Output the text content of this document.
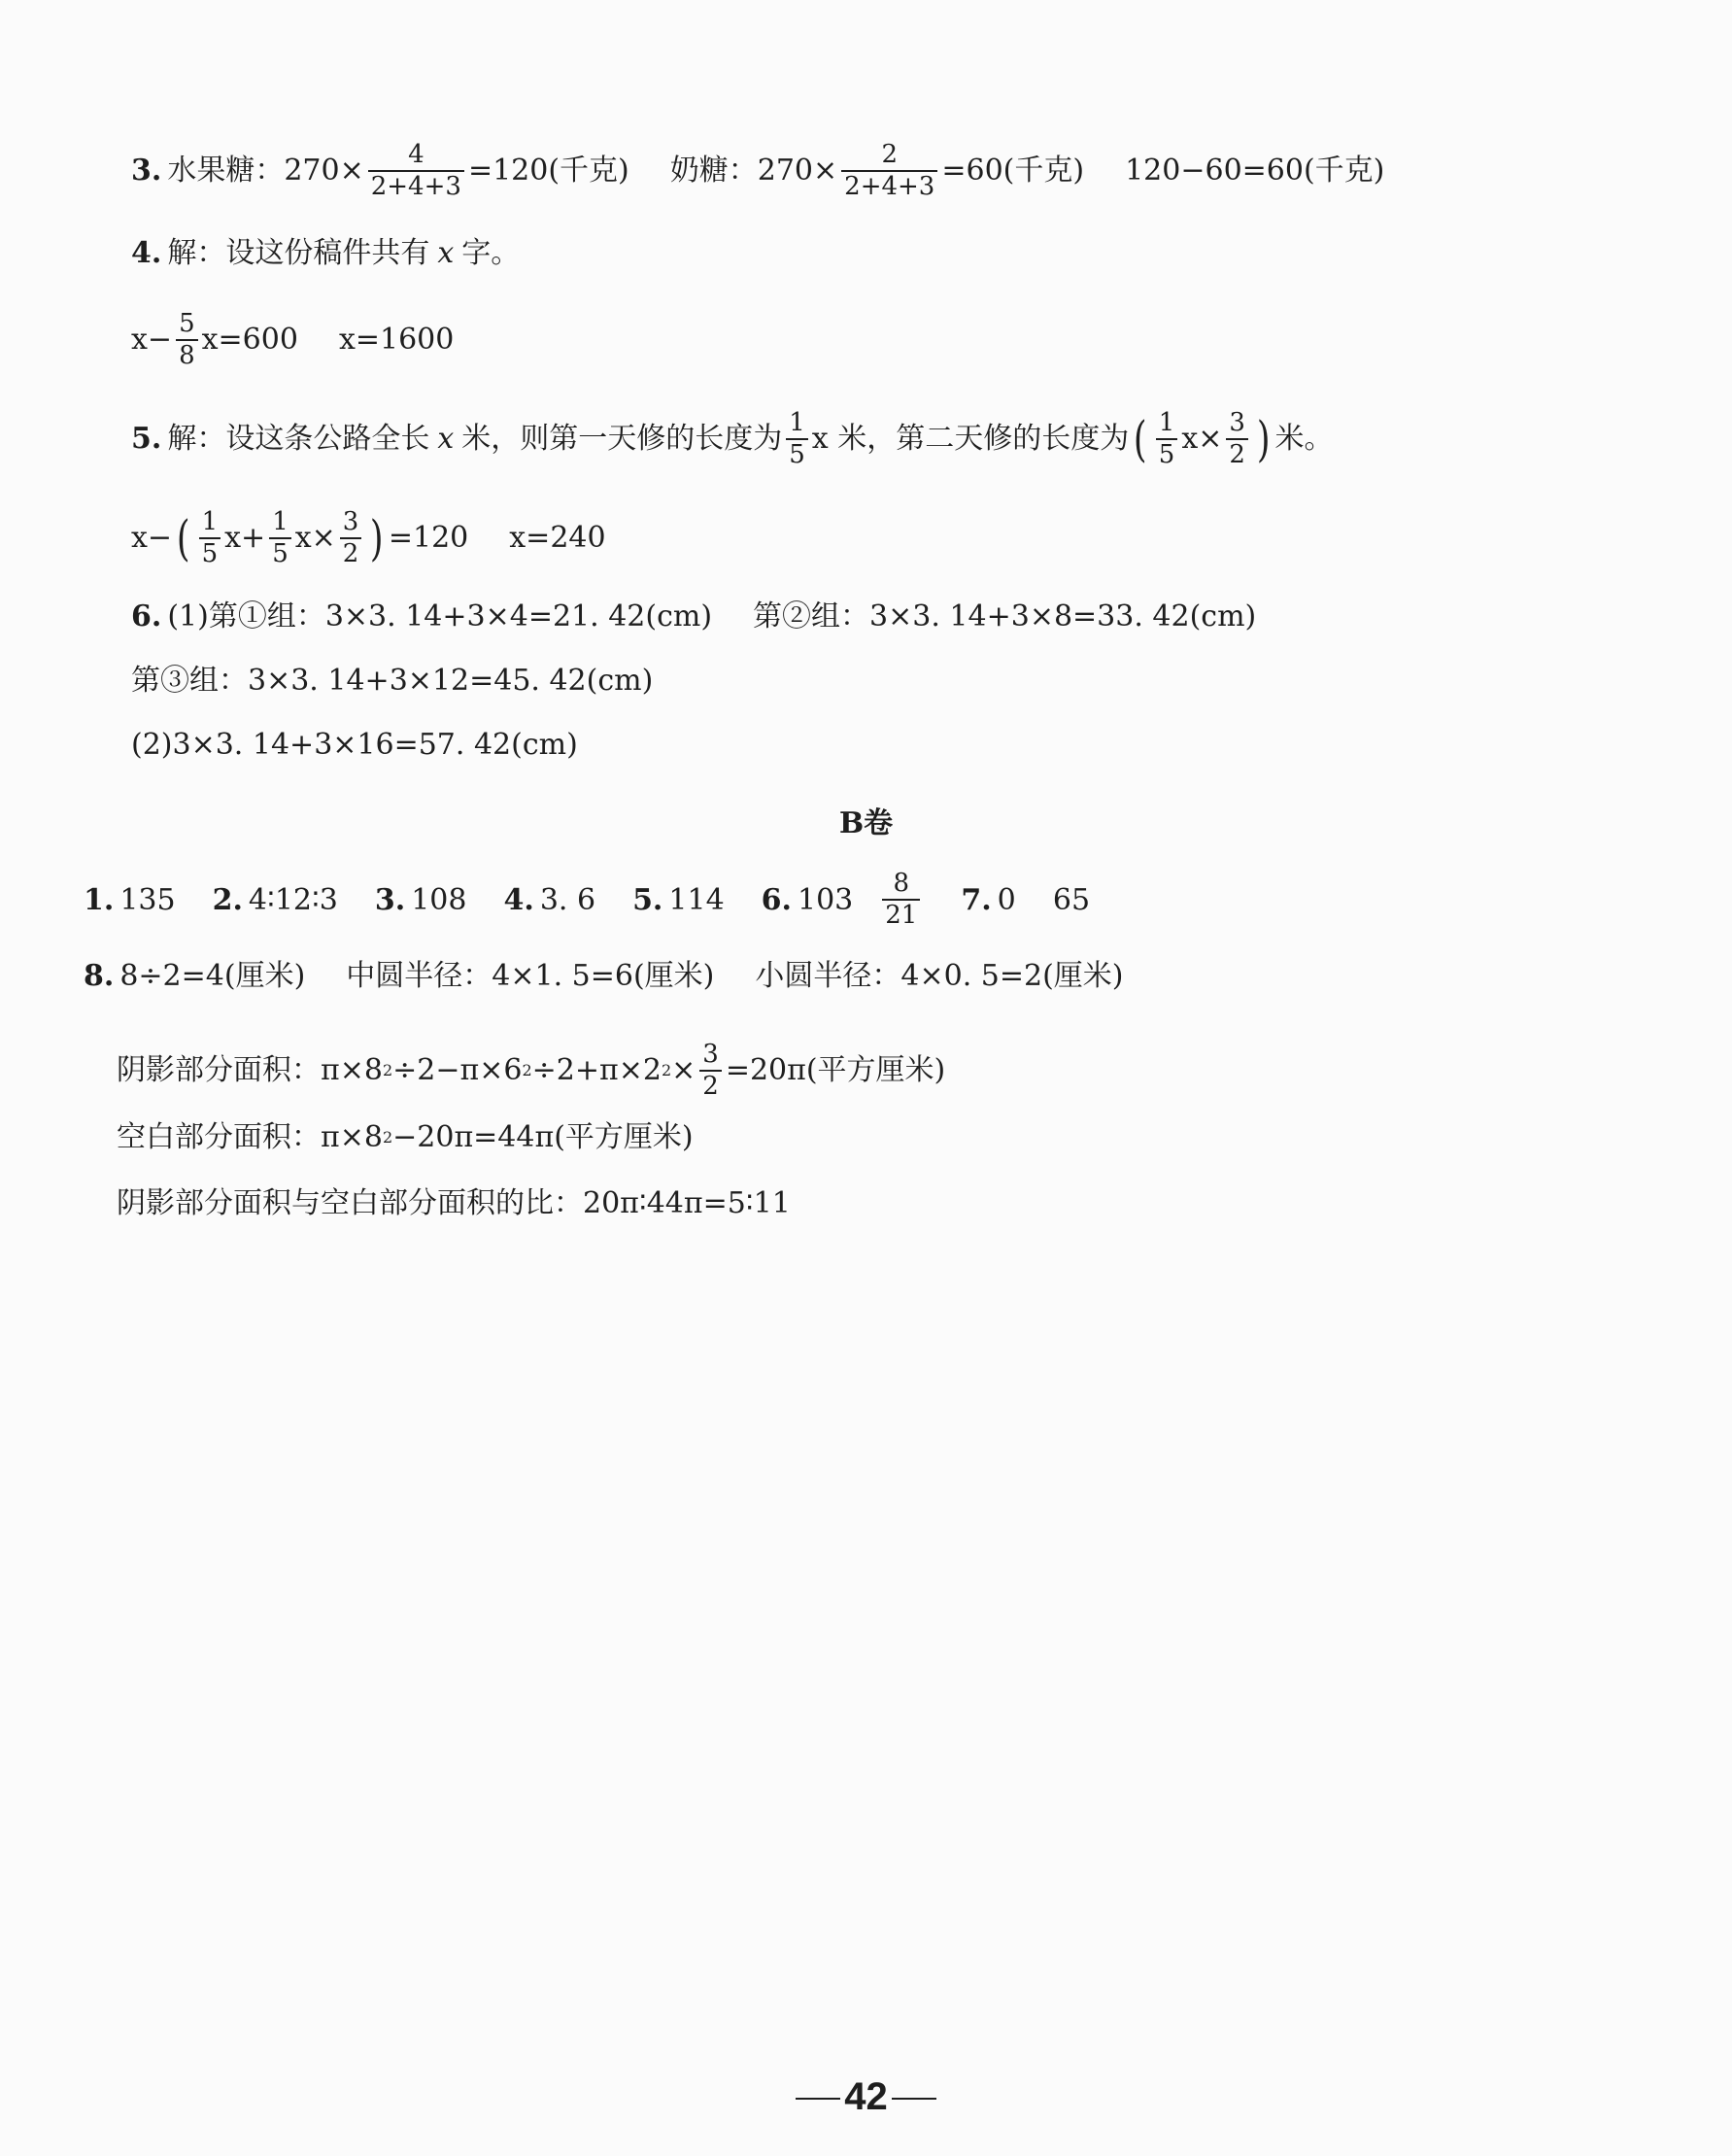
3. 水果糖：$270\times \frac{4}{2+4+3} =120$(千克) 奶糖：$270\times \frac{2}{2+4+3} =60$(千克) 120−60=60(千克)
4. 解：设这份稿件共有 x 字。
$x- \frac{5}{8} x=600$ x=1600
5. 解：设这条公路全长 x 米，则第一天修的长度为 $\frac{1}{5}$ x 米，第二天修的长度为 ( $\frac{1}{5} x\times \frac{3}{2}$ ) 米。
x− ( $\frac{1}{5} x+ \frac{1}{5} x\times \frac{3}{2}$ ) =120 x=240
6. (1)第①组：3×3. 14+3×4=21. 42(cm) 第②组：3×3. 14+3×8=33. 42(cm)
第③组：3×3. 14+3×12=45. 42(cm)
(2)3×3. 14+3×16=57. 42(cm)
B卷
1. 135 2. 4∶12∶3 3. 108 4. 3. 6 5. 114 6. $103 \frac{8}{21} 7$. 0    65
8. 8÷2=4(厘米) 中圆半径：4×1. 5=6(厘米) 小圆半径：4×0. 5=2(厘米)
阴影部分面积：π×8 2 ÷2−π×6 2 ÷2+π×2 $2 \times \frac{3}{2} =20\pi$(平方厘米)
空白部分面积：π×8 2 −20π=44π(平方厘米)
阴影部分面积与空白部分面积的比：20π∶44π=5∶11
42
